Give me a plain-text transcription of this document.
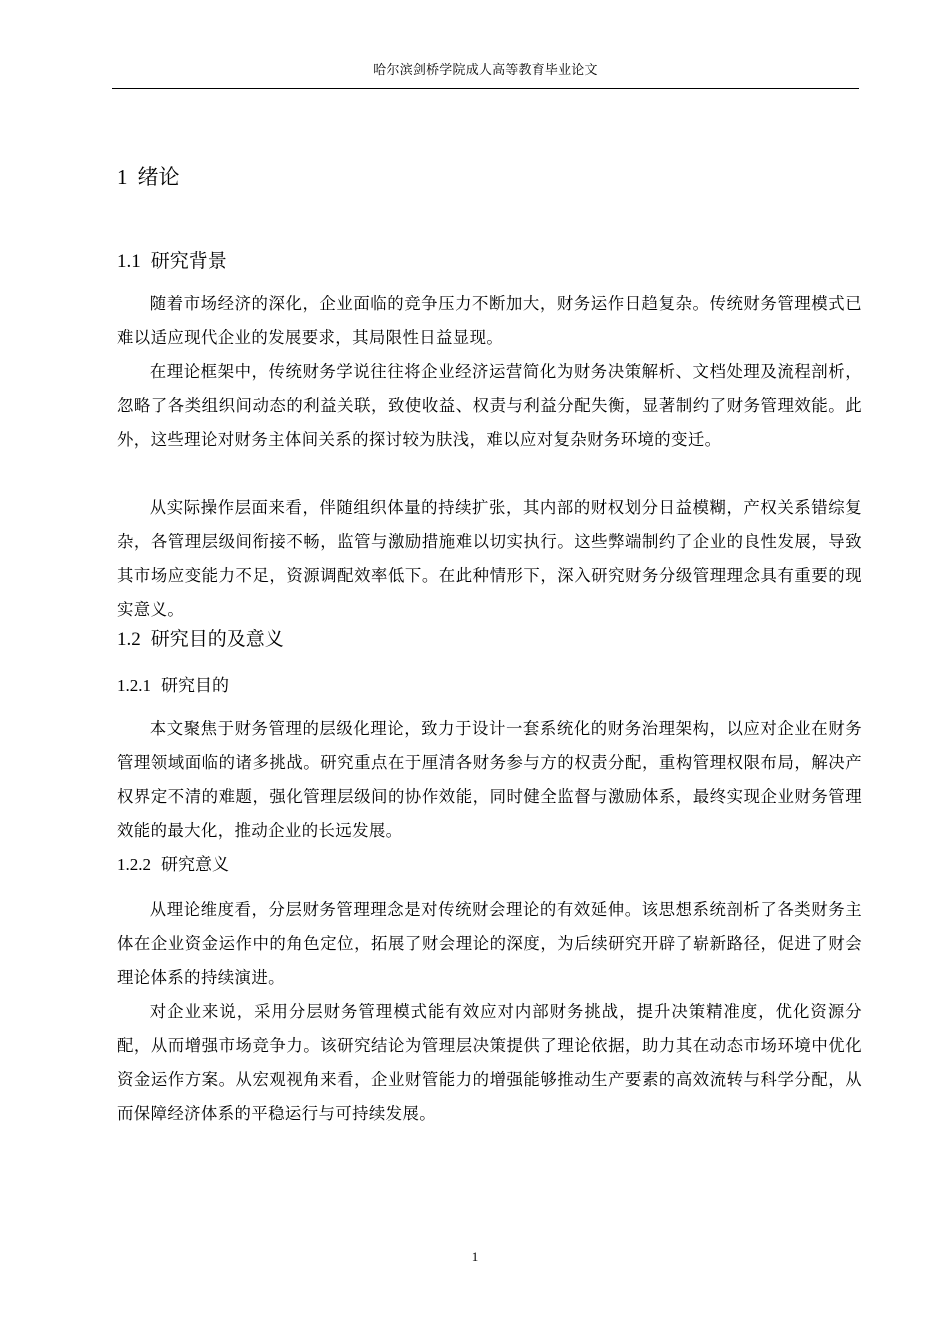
哈尔滨剑桥学院成人高等教育毕业论文
1 绪论
1.1 研究背景

随着市场经济的深化，企业面临的竞争压力不断加大，财务运作日趋复杂。传统财务管理模式已难以适应现代企业的发展要求，其局限性日益显现。

在理论框架中，传统财务学说往往将企业经济运营简化为财务决策解析、文档处理及流程剖析，忽略了各类组织间动态的利益关联，致使收益、权责与利益分配失衡，显著制约了财务管理效能。此外，这些理论对财务主体间关系的探讨较为肤浅，难以应对复杂财务环境的变迁。

从实际操作层面来看，伴随组织体量的持续扩张，其内部的财权划分日益模糊，产权关系错综复杂，各管理层级间衔接不畅，监管与激励措施难以切实执行。这些弊端制约了企业的良性发展，导致其市场应变能力不足，资源调配效率低下。在此种情形下，深入研究财务分级管理理念具有重要的现实意义。

1.2 研究目的及意义
1.2.1 研究目的

本文聚焦于财务管理的层级化理论，致力于设计一套系统化的财务治理架构，以应对企业在财务管理领域面临的诸多挑战。研究重点在于厘清各财务参与方的权责分配，重构管理权限布局，解决产权界定不清的难题，强化管理层级间的协作效能，同时健全监督与激励体系，最终实现企业财务管理效能的最大化，推动企业的长远发展。

1.2.2 研究意义

从理论维度看，分层财务管理理念是对传统财会理论的有效延伸。该思想系统剖析了各类财务主体在企业资金运作中的角色定位，拓展了财会理论的深度，为后续研究开辟了崭新路径，促进了财会理论体系的持续演进。

对企业来说，采用分层财务管理模式能有效应对内部财务挑战，提升决策精准度，优化资源分配，从而增强市场竞争力。该研究结论为管理层决策提供了理论依据，助力其在动态市场环境中优化资金运作方案。从宏观视角来看，企业财管能力的增强能够推动生产要素的高效流转与科学分配，从而保障经济体系的平稳运行与可持续发展。

1
